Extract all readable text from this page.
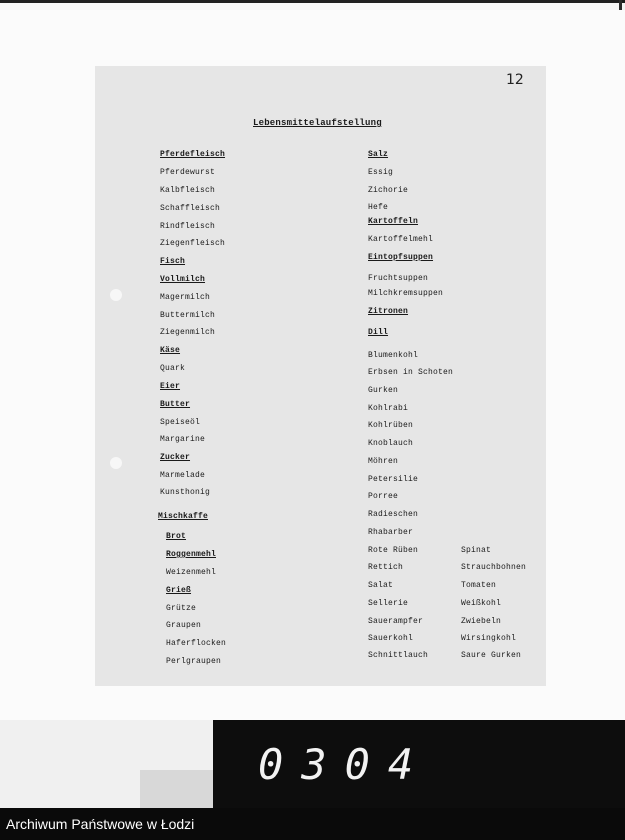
12
Lebensmittelaufstellung
Pferdefleisch
Pferdewurst
Kalbfleisch
Schaffleisch
Rindfleisch
Ziegenfleisch
Fisch
Vollmilch
Magermilch
Buttermilch
Ziegenmilch
Käse
Quark
Eier
Butter
Speiseöl
Margarine
Zucker
Marmelade
Kunsthonig
Mischkaffe
Brot
Roggenmehl
Weizenmehl
Grieß
Grütze
Graupen
Haferflocken
Perlgraupen
Salz
Essig
Zichorie
Hefe
Kartoffeln
Kartoffelmehl
Eintopfsuppen
Fruchtsuppen
Milchkremsuppen
Zitronen
Dill
Blumenkohl
Erbsen in Schoten
Gurken
Kohlrabi
Kohlrüben
Knoblauch
Möhren
Petersilie
Porree
Radieschen
Rhabarber
Rote Rüben
Rettich
Salat
Sellerie
Sauerampfer
Sauerkohl
Schnittlauch
Spinat
Strauchbohnen
Tomaten
Weißkohl
Zwiebeln
Wirsingkohl
Saure Gurken
0304
Archiwum Państwowe w Łodzi
